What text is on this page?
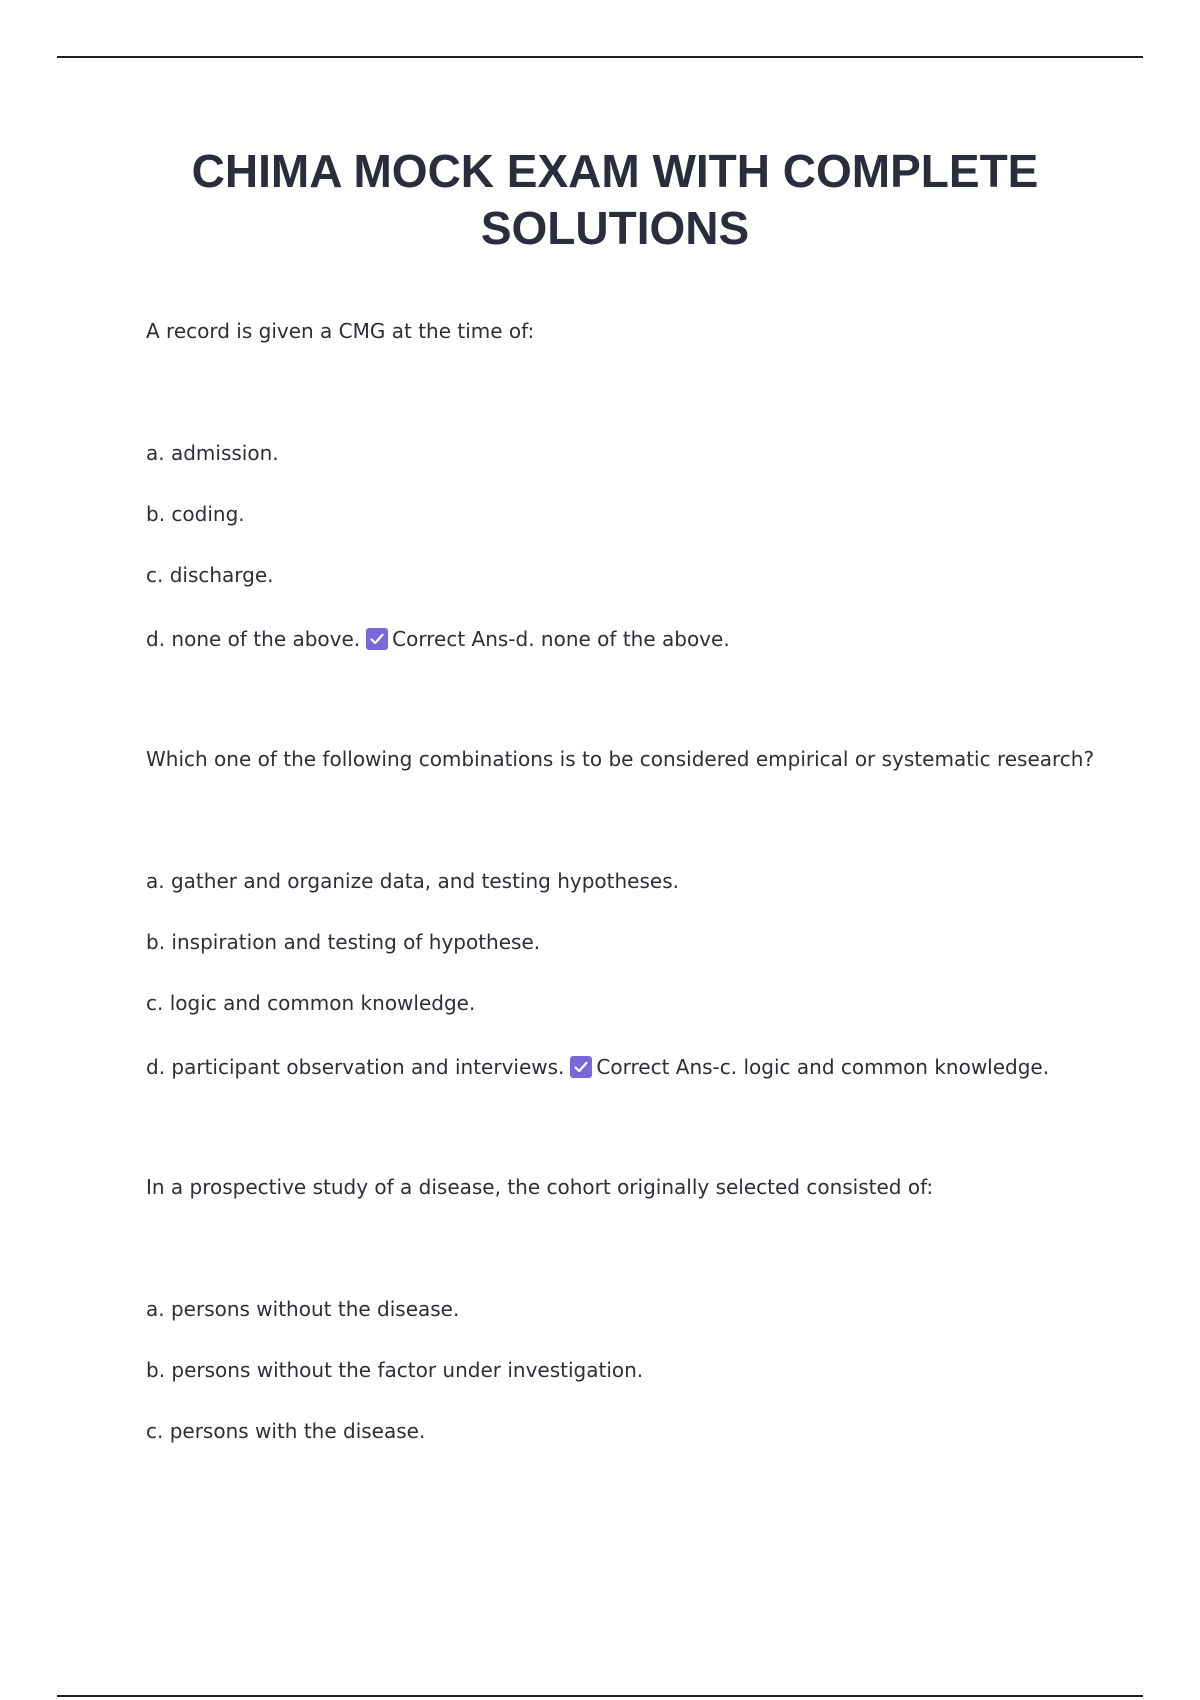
CHIMA MOCK EXAM WITH COMPLETE SOLUTIONS

A record is given a CMG at the time of:

a. admission.

b. coding.

c. discharge.

d. none of the above. Correct Ans-d. none of the above.

Which one of the following combinations is to be considered empirical or systematic research?

a. gather and organize data, and testing hypotheses.

b. inspiration and testing of hypothese.

c. logic and common knowledge.

d. participant observation and interviews. Correct Ans-c. logic and common knowledge.

In a prospective study of a disease, the cohort originally selected consisted of:

a. persons without the disease.

b. persons without the factor under investigation.

c. persons with the disease.
